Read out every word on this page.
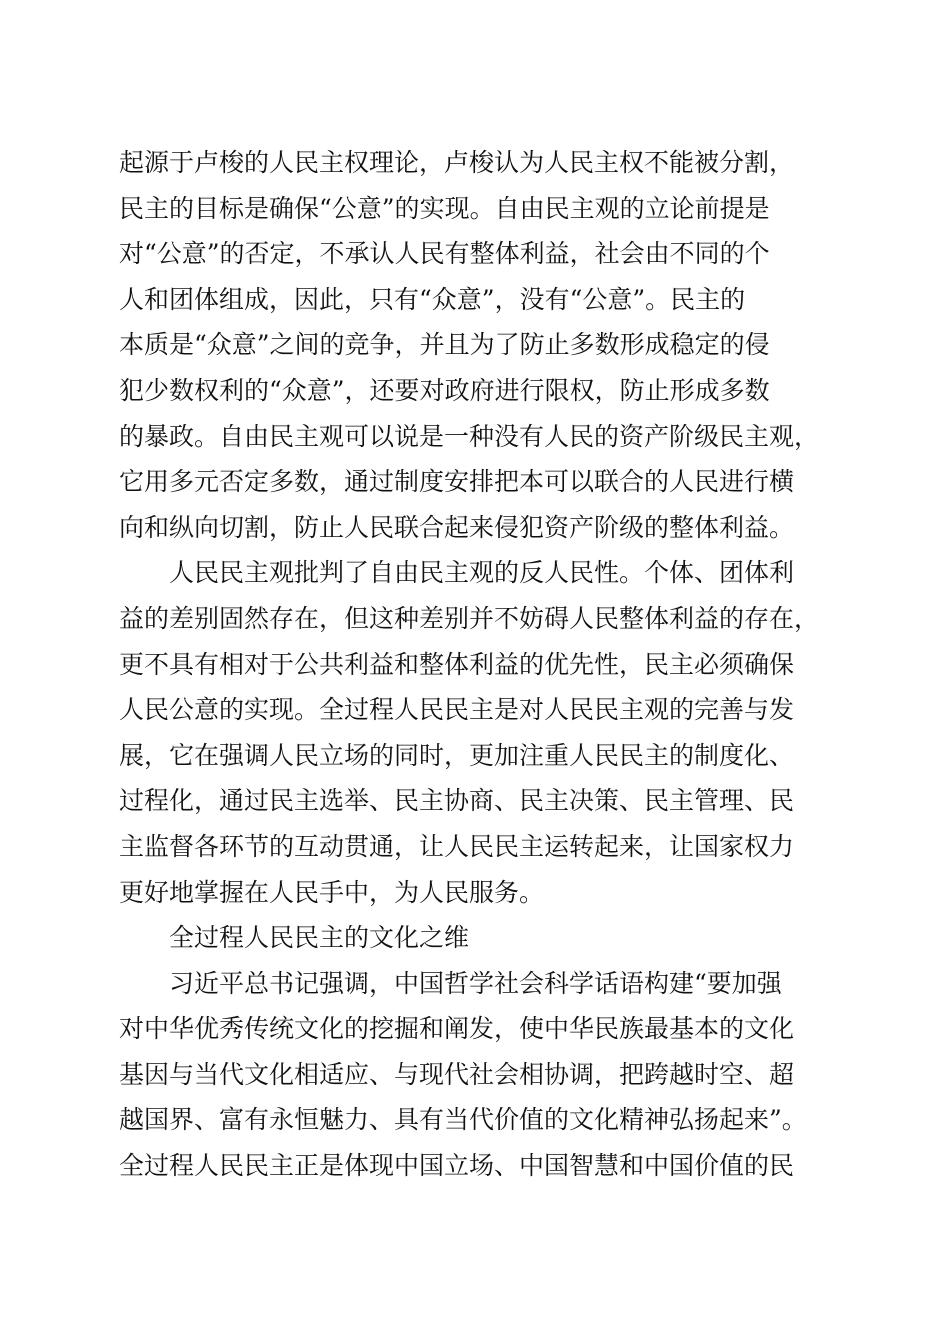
起源于卢梭的人民主权理论，卢梭认为人民主权不能被分割，
民主的目标是确保“公意”的实现。自由民主观的立论前提是
对“公意”的否定，不承认人民有整体利益，社会由不同的个
人和团体组成，因此，只有“众意”，没有“公意”。民主的
本质是“众意”之间的竞争，并且为了防止多数形成稳定的侵
犯少数权利的“众意”，还要对政府进行限权，防止形成多数
的暴政。自由民主观可以说是一种没有人民的资产阶级民主观，
它用多元否定多数，通过制度安排把本可以联合的人民进行横
向和纵向切割，防止人民联合起来侵犯资产阶级的整体利益。
人民民主观批判了自由民主观的反人民性。个体、团体利
益的差别固然存在，但这种差别并不妨碍人民整体利益的存在，
更不具有相对于公共利益和整体利益的优先性，民主必须确保
人民公意的实现。全过程人民民主是对人民民主观的完善与发
展，它在强调人民立场的同时，更加注重人民民主的制度化、
过程化，通过民主选举、民主协商、民主决策、民主管理、民
主监督各环节的互动贯通，让人民民主运转起来，让国家权力
更好地掌握在人民手中，为人民服务。
全过程人民民主的文化之维
习近平总书记强调，中国哲学社会科学话语构建“要加强
对中华优秀传统文化的挖掘和阐发，使中华民族最基本的文化
基因与当代文化相适应、与现代社会相协调，把跨越时空、超
越国界、富有永恒魅力、具有当代价值的文化精神弘扬起来”。
全过程人民民主正是体现中国立场、中国智慧和中国价值的民
